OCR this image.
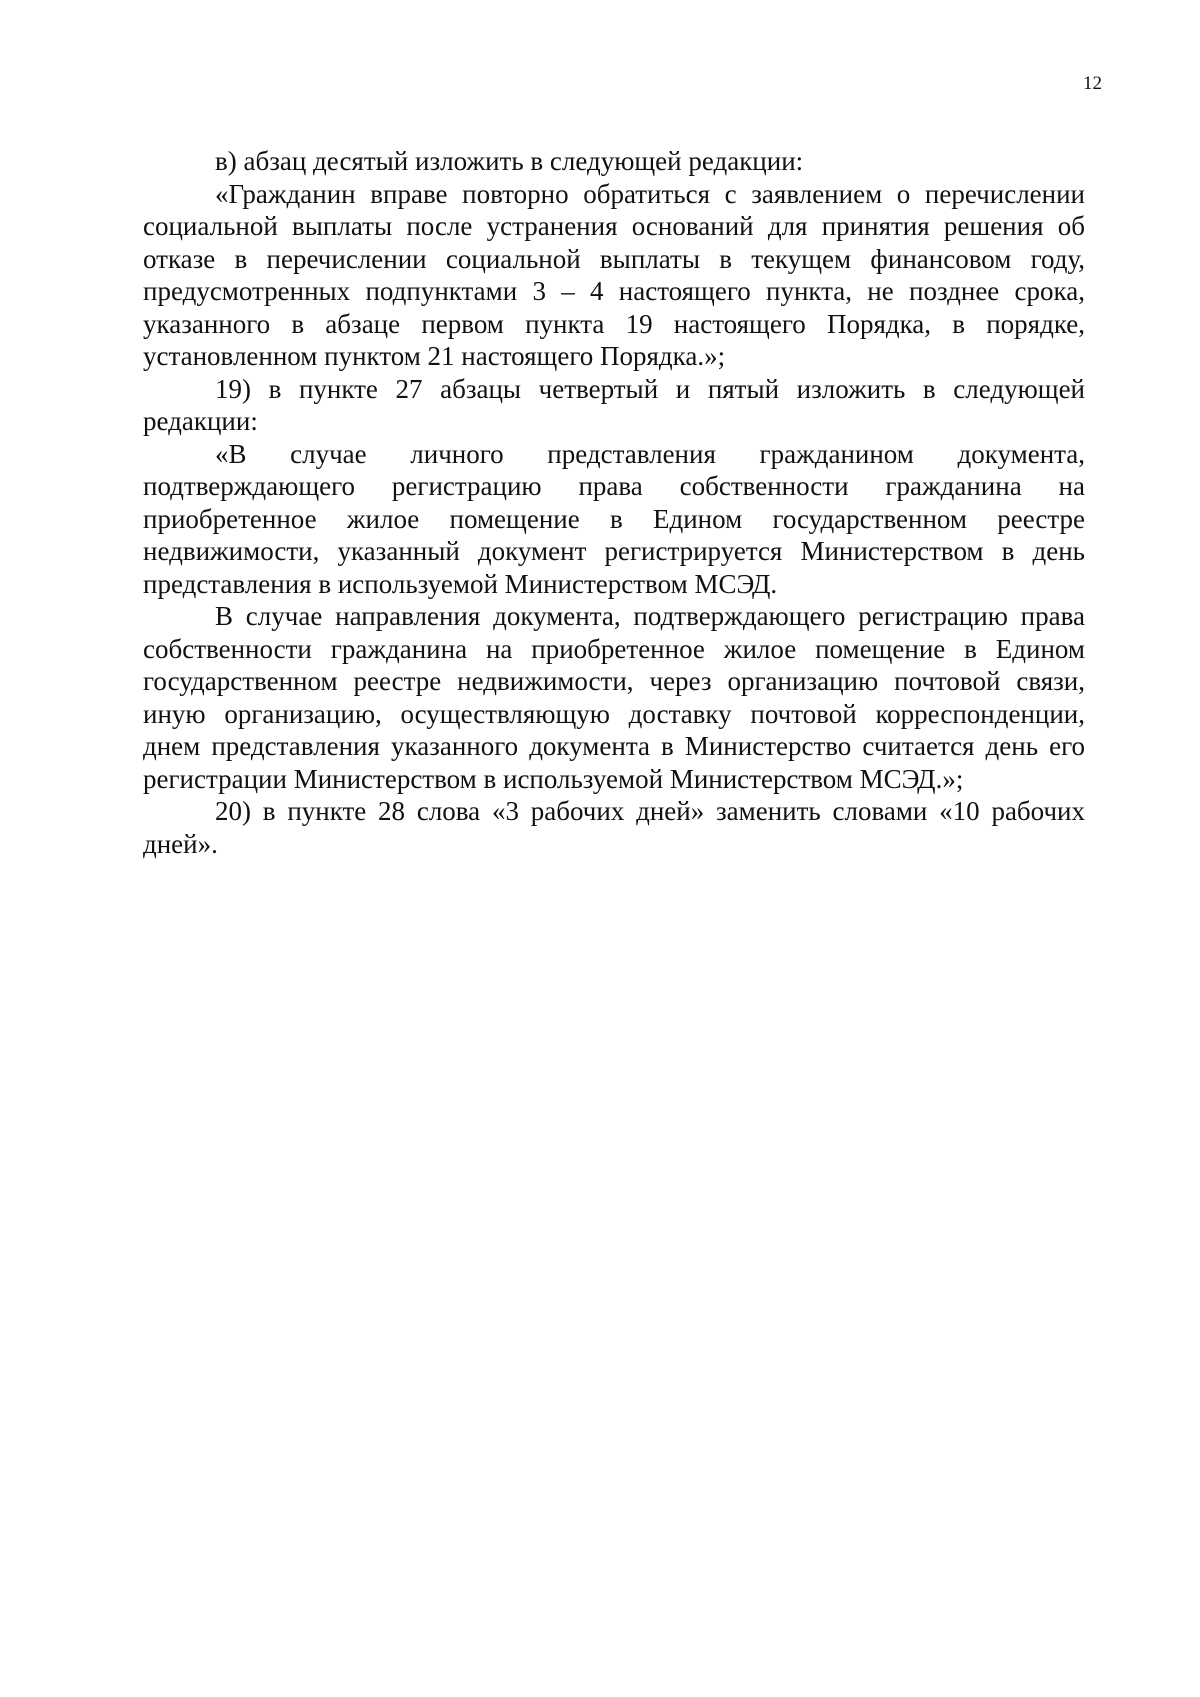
12

в) абзац десятый изложить в следующей редакции:

«Гражданин вправе повторно обратиться с заявлением о перечислении социальной выплаты после устранения оснований для принятия решения об отказе в перечислении социальной выплаты в текущем финансовом году, предусмотренных подпунктами 3 – 4 настоящего пункта, не позднее срока, указанного в абзаце первом пункта 19 настоящего Порядка, в порядке, установленном пунктом 21 настоящего Порядка.»;

19) в пункте 27 абзацы четвертый и пятый изложить в следующей редакции:

«В случае личного представления гражданином документа, подтверждающего регистрацию права собственности гражданина на приобретенное жилое помещение в Едином государственном реестре недвижимости, указанный документ регистрируется Министерством в день представления в используемой Министерством МСЭД.

В случае направления документа, подтверждающего регистрацию права собственности гражданина на приобретенное жилое помещение в Едином государственном реестре недвижимости, через организацию почтовой связи, иную организацию, осуществляющую доставку почтовой корреспонденции, днем представления указанного документа в Министерство считается день его регистрации Министерством в используемой Министерством МСЭД.»;

20) в пункте 28 слова «3 рабочих дней» заменить словами «10 рабочих дней».
